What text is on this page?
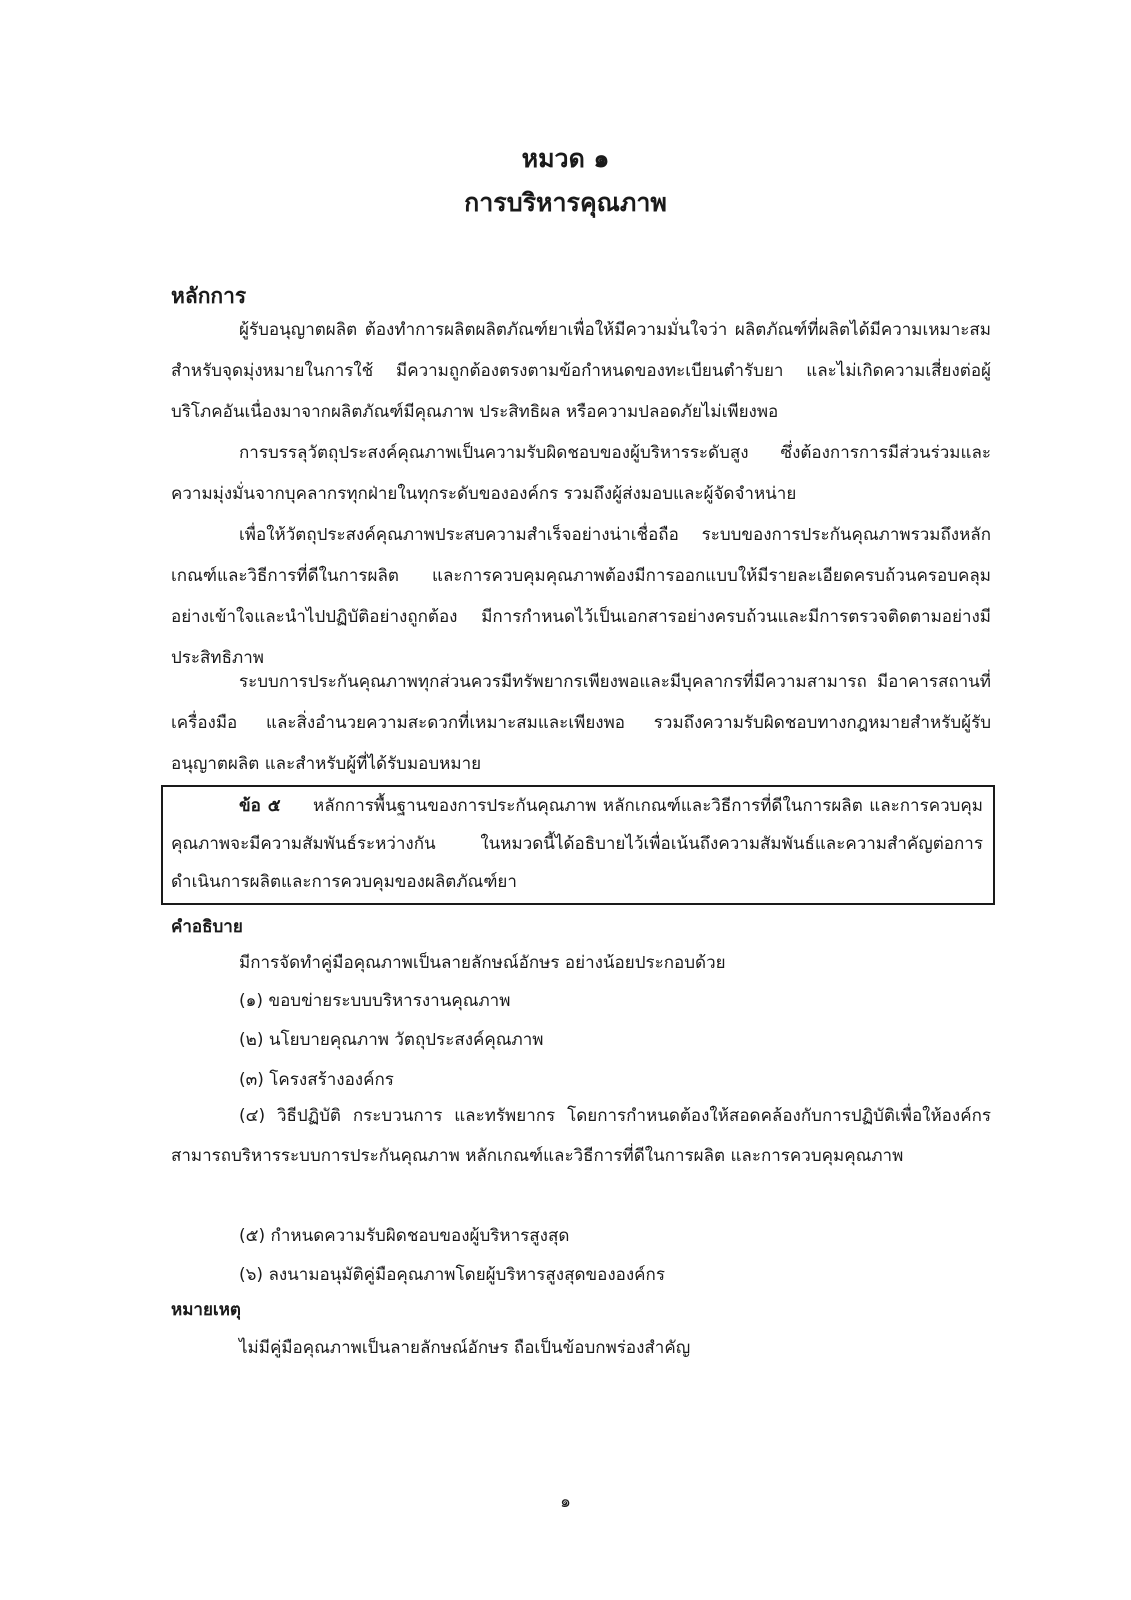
หมวด ๑
การบริหารคุณภาพ
หลักการ

ผู้รับอนุญาตผลิต ต้องทำการผลิตผลิตภัณฑ์ยาเพื่อให้มีความมั่นใจว่า ผลิตภัณฑ์ที่ผลิตได้มีความเหมาะสมสำหรับจุดมุ่งหมายในการใช้ มีความถูกต้องตรงตามข้อกำหนดของทะเบียนตำรับยา และไม่เกิดความเสี่ยงต่อผู้บริโภคอันเนื่องมาจากผลิตภัณฑ์มีคุณภาพ ประสิทธิผล หรือความปลอดภัยไม่เพียงพอ

การบรรลุวัตถุประสงค์คุณภาพเป็นความรับผิดชอบของผู้บริหารระดับสูง ซึ่งต้องการการมีส่วนร่วมและความมุ่งมั่นจากบุคลากรทุกฝ่ายในทุกระดับขององค์กร รวมถึงผู้ส่งมอบและผู้จัดจำหน่าย

เพื่อให้วัตถุประสงค์คุณภาพประสบความสำเร็จอย่างน่าเชื่อถือ ระบบของการประกันคุณภาพรวมถึงหลักเกณฑ์และวิธีการที่ดีในการผลิต และการควบคุมคุณภาพต้องมีการออกแบบให้มีรายละเอียดครบถ้วนครอบคลุมอย่างเข้าใจและนำไปปฏิบัติอย่างถูกต้อง มีการกำหนดไว้เป็นเอกสารอย่างครบถ้วนและมีการตรวจติดตามอย่างมีประสิทธิภาพ

ระบบการประกันคุณภาพทุกส่วนควรมีทรัพยากรเพียงพอและมีบุคลากรที่มีความสามารถ มีอาคารสถานที่ เครื่องมือ และสิ่งอำนวยความสะดวกที่เหมาะสมและเพียงพอ รวมถึงความรับผิดชอบทางกฎหมายสำหรับผู้รับอนุญาตผลิต และสำหรับผู้ที่ได้รับมอบหมาย

ข้อ ๕ หลักการพื้นฐานของการประกันคุณภาพ หลักเกณฑ์และวิธีการที่ดีในการผลิต และการควบคุมคุณภาพจะมีความสัมพันธ์ระหว่างกัน ในหมวดนี้ได้อธิบายไว้เพื่อเน้นถึงความสัมพันธ์และความสำคัญต่อการดำเนินการผลิตและการควบคุมของผลิตภัณฑ์ยา

คำอธิบาย
มีการจัดทำคู่มือคุณภาพเป็นลายลักษณ์อักษร อย่างน้อยประกอบด้วย
(๑) ขอบข่ายระบบบริหารงานคุณภาพ
(๒) นโยบายคุณภาพ วัตถุประสงค์คุณภาพ
(๓) โครงสร้างองค์กร

(๔) วิธีปฏิบัติ กระบวนการ และทรัพยากร โดยการกำหนดต้องให้สอดคล้องกับการปฏิบัติเพื่อให้องค์กรสามารถบริหารระบบการประกันคุณภาพ หลักเกณฑ์และวิธีการที่ดีในการผลิต และการควบคุมคุณภาพ

(๕) กำหนดความรับผิดชอบของผู้บริหารสูงสุด
(๖) ลงนามอนุมัติคู่มือคุณภาพโดยผู้บริหารสูงสุดขององค์กร
หมายเหตุ
ไม่มีคู่มือคุณภาพเป็นลายลักษณ์อักษร ถือเป็นข้อบกพร่องสำคัญ
๑
